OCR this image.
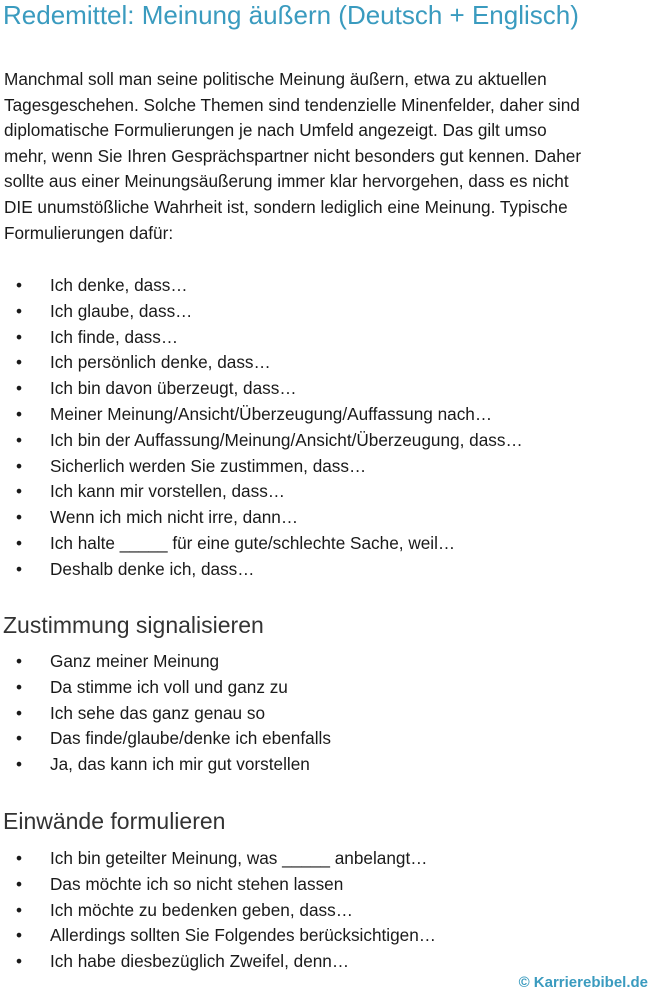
Redemittel: Meinung äußern (Deutsch + Englisch)

Manchmal soll man seine politische Meinung äußern, etwa zu aktuellen
Tagesgeschehen. Solche Themen sind tendenzielle Minenfelder, daher sind
diplomatische Formulierungen je nach Umfeld angezeigt. Das gilt umso
mehr, wenn Sie Ihren Gesprächspartner nicht besonders gut kennen. Daher
sollte aus einer Meinungsäußerung immer klar hervorgehen, dass es nicht
DIE unumstößliche Wahrheit ist, sondern lediglich eine Meinung. Typische
Formulierungen dafür:

• Ich denke, dass…
• Ich glaube, dass…
• Ich finde, dass…
• Ich persönlich denke, dass…
• Ich bin davon überzeugt, dass…
• Meiner Meinung/Ansicht/Überzeugung/Auffassung nach…
• Ich bin der Auffassung/Meinung/Ansicht/Überzeugung, dass…
• Sicherlich werden Sie zustimmen, dass…
• Ich kann mir vorstellen, dass…
• Wenn ich mich nicht irre, dann…
• Ich halte _____ für eine gute/schlechte Sache, weil…
• Deshalb denke ich, dass…
Zustimmung signalisieren
• Ganz meiner Meinung
• Da stimme ich voll und ganz zu
• Ich sehe das ganz genau so
• Das finde/glaube/denke ich ebenfalls
• Ja, das kann ich mir gut vorstellen
Einwände formulieren
• Ich bin geteilter Meinung, was _____ anbelangt…
• Das möchte ich so nicht stehen lassen
• Ich möchte zu bedenken geben, dass…
• Allerdings sollten Sie Folgendes berücksichtigen…
• Ich habe diesbezüglich Zweifel, denn…
© Karrierebibel.de
